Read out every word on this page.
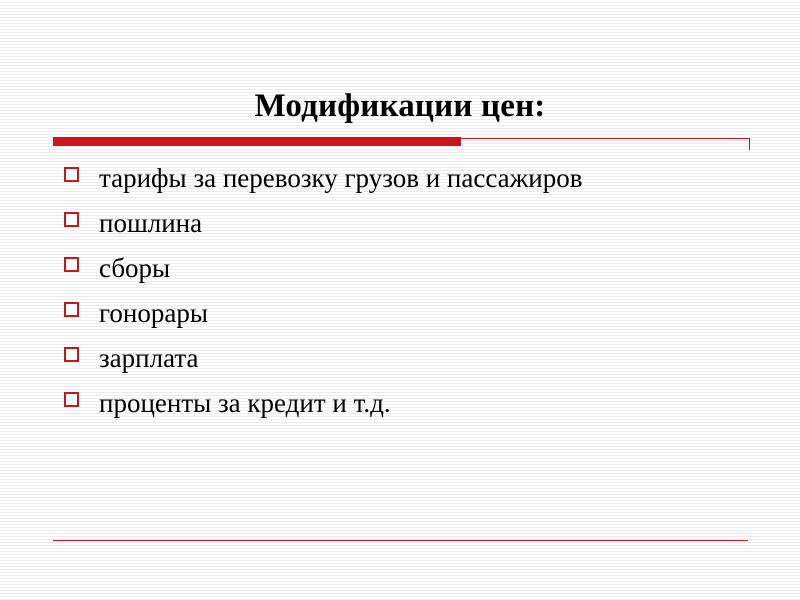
Модификации цен:
тарифы за перевозку грузов и пассажиров
пошлина
сборы
гонорары
зарплата
проценты за кредит и т.д.
